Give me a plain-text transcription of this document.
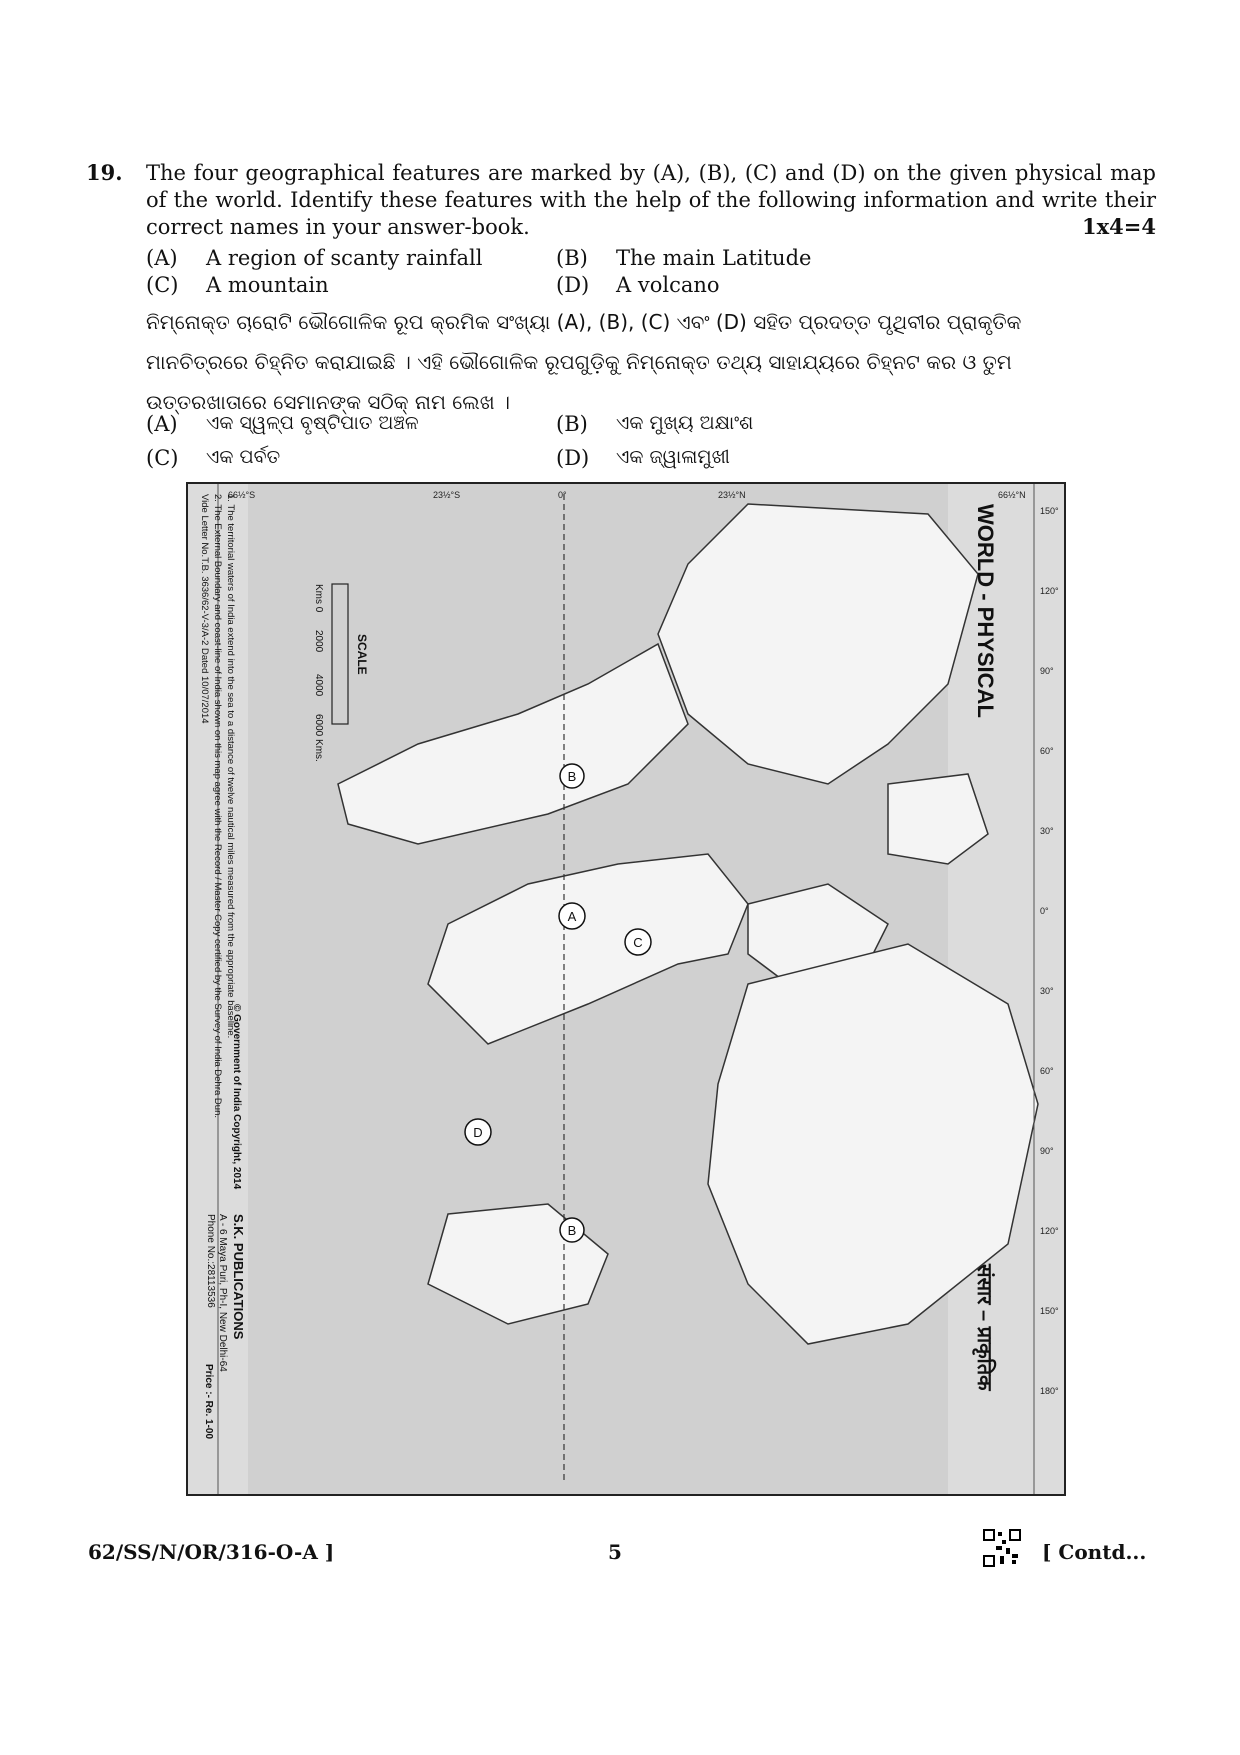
19. The four geographical features are marked by (A), (B), (C) and (D) on the given physical map of the world. Identify these features with the help of the following information and write their correct names in your answer-book.	1x4=4
(A) A region of scanty rainfall	(B) The main Latitude
(C) A mountain	(D) A volcano
ନିମ୍ନୋକ୍ତ ଚାରୋଟି ଭୌଗୋଳିକ ରୂପ କ୍ରମିକ ସଂଖ୍ୟା (A), (B), (C) ଏବଂ (D) ସହିତ ପ୍ରଦତ୍ତ ପୃଥିବୀର ପ୍ରାକୃତିକ ମାନଚିତ୍ରରେ ଚିହ୍ନିତ କରାଯାଇଛି । ଏହି ଭୌଗୋଳିକ ରୂପଗୁଡ଼ିକୁ ନିମ୍ନୋକ୍ତ ତଥ୍ୟ ସାହାଯ୍ୟରେ ଚିହ୍ନଟ କର ଓ ତୁମ ଉତ୍ତରଖାତାରେ ସେମାନଙ୍କ ସଠିକ୍ ନାମ ଲେଖ ।
(A) ଏକ ସ୍ୱଳ୍ପ ବୃଷ୍ଟିପାତ ଅଞ୍ଚଳ	(B) ଏକ ମୁଖ୍ୟ ଅକ୍ଷାଂଶ
(C) ଏକ ପର୍ବତ	(D) ଏକ ଜ୍ୱାଳାମୁଖୀ
WORLD - PHYSICAL
संसार – प्राकृतिक
SCALE
Kms 0
2000
4000
6000 Kms.
1. The territorial waters of India extend into the sea to a distance of twelve nautical miles measured from the appropriate baseline.
2. The External Boundary and coast-line of India shown on this map agree with the Record / Master Copy certified by the Survey of India Dehra Dun.
Vide Letter No.T.B. 3636/62-V-3/A-2 Dated 10/07/2014
© Government of India Copyright, 2014
S.K. PUBLICATIONS
A - 6 Maya Puri, Ph-I, New Delhi-64
Phone No.:28113536
Price :- Re. 1-00
66½°S	23½°S	0°	23½°N	66½°N
150°
120°
90°
60°
30°
0°
30°
60°
90°
120°
150°
180°
B
A
C
D
B
62/SS/N/OR/316-O-A ]	5	[ Contd...
